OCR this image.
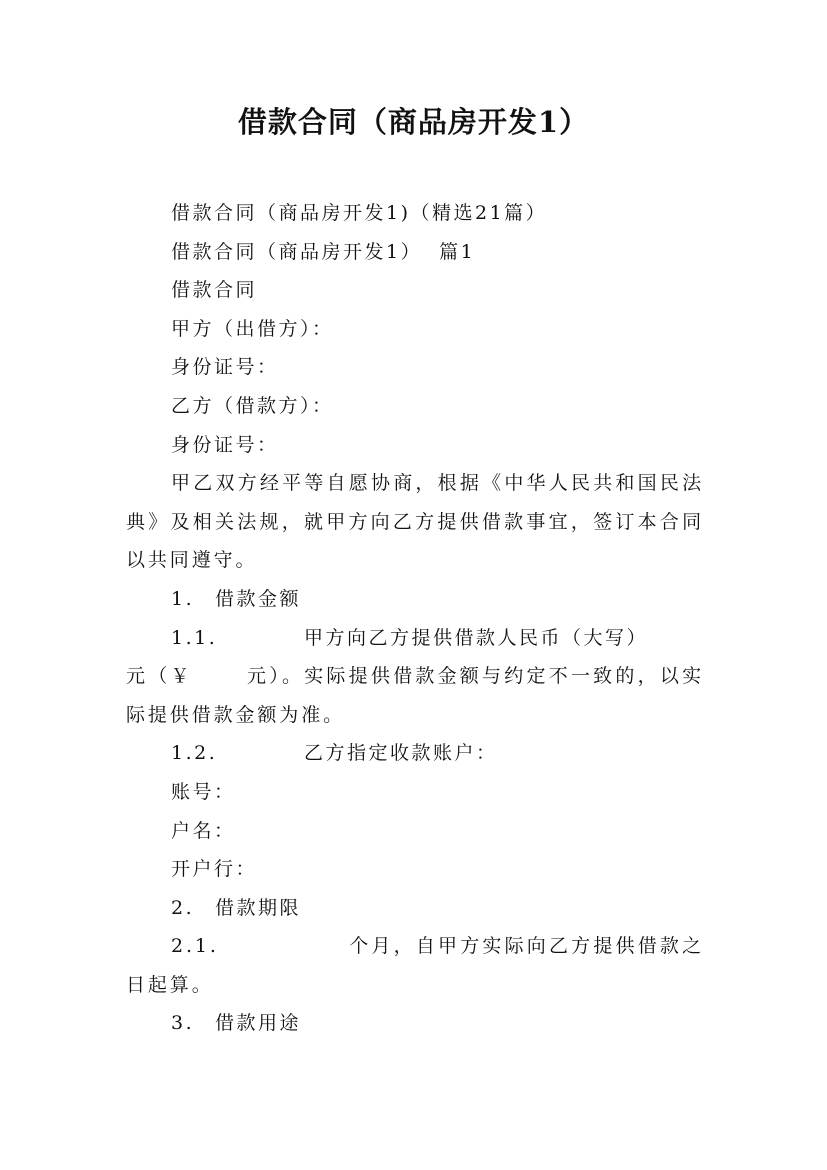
借款合同（商品房开发1）
借款合同（商品房开发1)（精选21篇）
借款合同（商品房开发1）  篇1
借款合同
甲方（出借方）：
身份证号：
乙方（借款方）：
身份证号：
甲乙双方经平等自愿协商，根据《中华人民共和国民法典》及相关法规，就甲方向乙方提供借款事宜，签订本合同以共同遵守。
1. 借款金额
1.1.	甲方向乙方提供借款人民币（大写）
元（￥	元）。实际提供借款金额与约定不一致的，以实际提供借款金额为准。
1.2.	乙方指定收款账户：
账号：
户名：
开户行：
2. 借款期限
2.1.	个月，自甲方实际向乙方提供借款之日起算。
3. 借款用途
